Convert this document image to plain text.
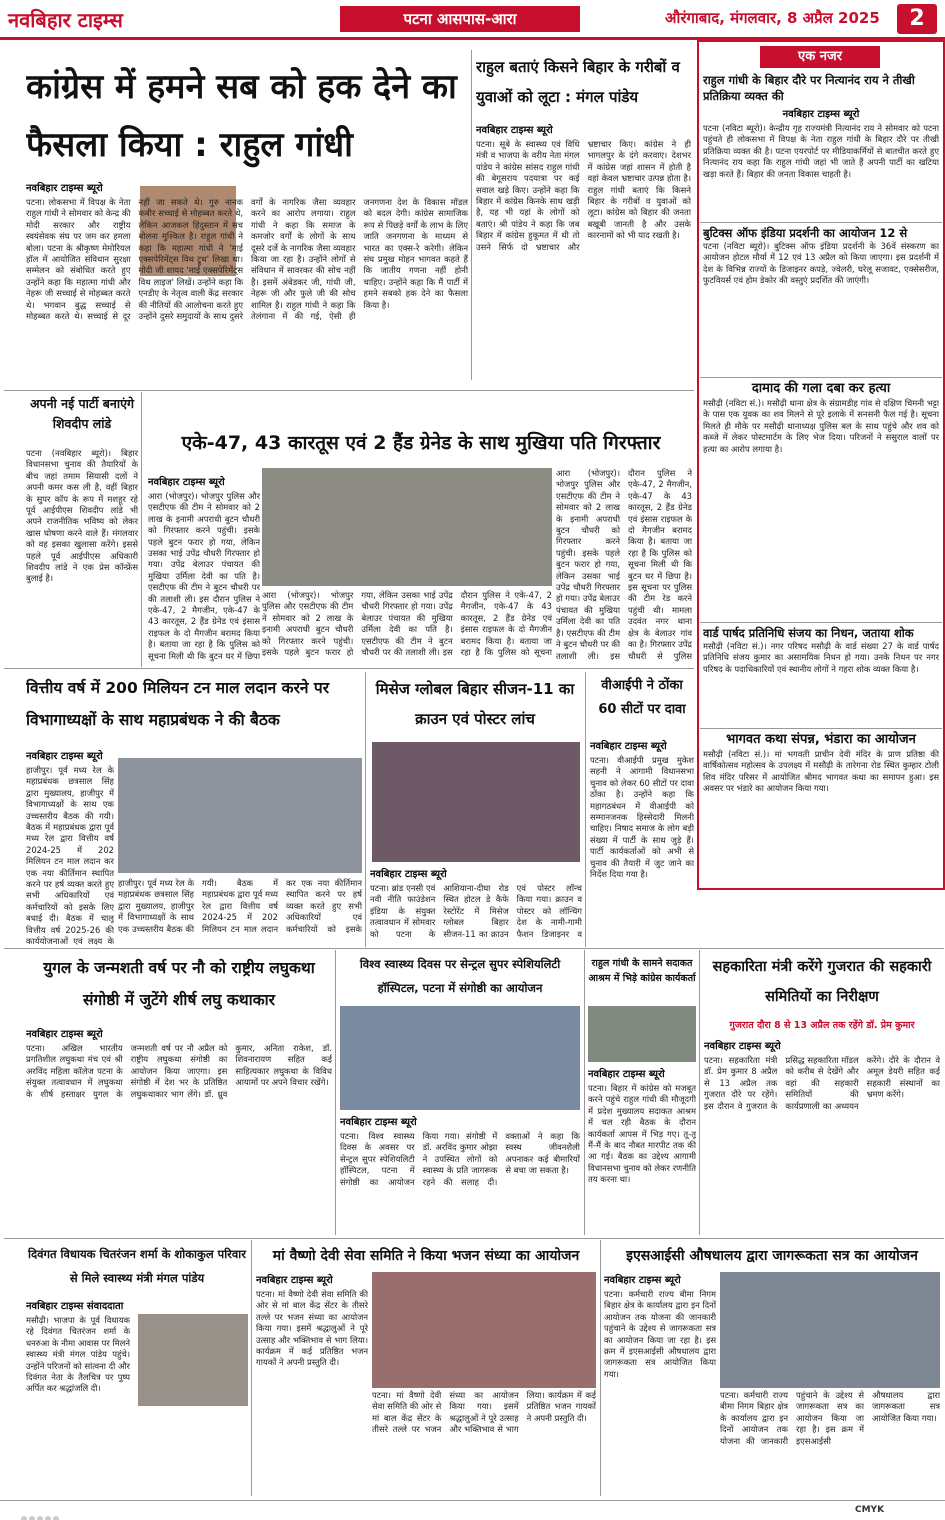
नवबिहार टाइम्स	पटना आसपास-आरा	औरंगाबाद, मंगलवार, 8 अप्रैल 2025	2
कांग्रेस में हमने सब को हक देने का फैसला किया : राहुल गांधी
नवबिहार टाइम्स ब्यूरो
पटना। लोकसभा में विपक्ष के नेता राहुल गांधी ने सोमवार को केन्द्र की मोदी सरकार और राष्ट्रीय स्वयंसेवक संघ पर जम कर हमला बोला। पटना के श्रीकृष्ण मेमोरियल हॉल में आयोजित संविधान सुरक्षा सम्मेलन को संबोधित करते हुए उन्होंने कहा कि महात्मा गांधी और नेहरू जी सच्चाई से मोहब्बत करते थे। भगवान बुद्ध सच्चाई से मोहब्बत करते थे। सच्चाई से दूर नहीं जा सकते थे। गुरु नानक कबीर सच्चाई से मोहब्बत करते थे, लेकिन आजकल हिंदुस्तान में सच बोलना मुश्किल है। राहुल गांधी ने कहा कि महात्मा गांधी ने 'माई एक्सपेरिमेंट्स विथ ट्रूथ' लिखा था। मोदी जी शायद 'माई एक्सपेरिमेंट्स विथ लाइज' लिखें। उन्होंने कहा कि एनडीए के नेतृत्व वाली केंद्र सरकार की नीतियों की आलोचना करते हुए उन्होंने दुसरे समुदायों के साथ दुसरे वर्गों के नागरिक जैसा व्यवहार करने का आरोप लगाया। राहुल गांधी ने कहा कि समाज के कमजोर वर्गों के लोगों के साथ दूसरे दर्जे के नागरिक जैसा व्यवहार किया जा रहा है। उन्होंने लोगों से संविधान में सावरकर की सोच नहीं है। इसमें अंबेडकर जी, गांधी जी, नेहरू जी और फुले जी की सोच शामिल है। राहुल गांधी ने कहा कि तेलंगाना में की गई, ऐसी ही जनगणना देश के विकास मॉडल को बदल देगी। कांग्रेस सामाजिक रूप से पिछड़े वर्गों के लाभ के लिए जाति जनगणना के माध्यम से भारत का एक्स-रे करेगी। लेकिन संघ प्रमुख मोहन भागवत कहते हैं कि जातीय गणना नहीं होनी चाहिए। उन्होंने कहा कि मैं पार्टी में हमने सबको हक देने का फैसला किया है।
राहुल बताएं किसने बिहार के गरीबों व युवाओं को लूटा : मंगल पांडेय
नवबिहार टाइम्स ब्यूरो
पटना। सूबे के स्वास्थ्य एवं विधि मंत्री व भाजपा के वरीय नेता मंगल पांडेय ने कांग्रेस सांसद राहुल गांधी की बेगूसराय पदयात्रा पर कई सवाल खड़े किए। उन्होंने कहा कि बिहार में कांग्रेस किनके साथ खड़ी है, यह भी यहां के लोगों को बताएं। श्री पांडेय ने कहा कि जब बिहार में कांग्रेस हुकूमत में थी तो उसने सिर्फ दो भ्रष्टाचार और भ्रष्टाचार किए। कांग्रेस ने ही भागलपुर के दंगे करवाए। देशभर में कांग्रेस जहां शासन में होती है वहां केवल भ्रष्टाचार उत्पन्न होता है। राहुल गांधी बताएं कि किसने बिहार के गरीबों व युवाओं को लूटा। कांग्रेस को बिहार की जनता बखूबी जानती है और उसके कारनामों को भी याद रखती है।
एक नजर
राहुल गांधी के बिहार दौरे पर नित्यानंद राय ने तीखी प्रतिक्रिया व्यक्त की
नवबिहार टाइम्स ब्यूरो
पटना (नविटा ब्यूरो)। केन्द्रीय गृह राज्यमंत्री नित्यानंद राय ने सोमवार को पटना पहुंचते ही लोकसभा में विपक्ष के नेता राहुल गांधी के बिहार दौरे पर तीखी प्रतिक्रिया व्यक्त की है। पटना एयरपोर्ट पर मीडियाकर्मियों से बातचीत करते हुए नित्यानंद राय कहा कि राहुल गांधी जहां भी जाते हैं अपनी पार्टी का खटिया खड़ा करते हैं। बिहार की जनता विकास चाहती है।
बुटिक्स ऑफ इंडिया प्रदर्शनी का आयोजन 12 से
पटना (नविटा ब्यूरो)। बुटिक्स ऑफ इंडिया प्रदर्शनी के 36वें संस्करण का आयोजन होटल मौर्या में 12 एवं 13 अप्रैल को किया जाएगा। इस प्रदर्शनी में देश के विभिन्न राज्यों के डिजाइनर कपड़े, ज्वेलरी, घरेलू सजावट, एक्सेसरीज, फुटवियर्स एवं होम डेकोर की वस्तुएं प्रदर्शित की जाएंगी।
दामाद की गला दबा कर हत्या
मसौढ़ी (नविटा सं.)। मसौढ़ी थाना क्षेत्र के संग्रामडीह गांव से दक्षिण चिमनी भट्टा के पास एक युवक का शव मिलने से पूरे इलाके में सनसनी फैल गई है। सूचना मिलते ही मौके पर मसौढ़ी थानाध्यक्ष पुलिस बल के साथ पहुंचे और शव को कब्जे में लेकर पोस्टमार्टम के लिए भेज दिया। परिजनों ने ससुराल वालों पर हत्या का आरोप लगाया है।
वार्ड पार्षद प्रतिनिधि संजय का निधन, जताया शोक
मसौढ़ी (नविटा सं.)। नगर परिषद मसौढ़ी के वार्ड संख्या 27 के वार्ड पार्षद प्रतिनिधि संजय कुमार का असामयिक निधन हो गया। उनके निधन पर नगर परिषद के पदाधिकारियों एवं स्थानीय लोगों ने गहरा शोक व्यक्त किया है।
भागवत कथा संपन्न, भंडारा का आयोजन
मसौढ़ी (नविटा सं.)। मां भगवती प्राचीन देवी मंदिर के प्राण प्रतिष्ठा की वार्षिकोत्सव महोत्सव के उपलक्ष्य में मसौढ़ी के तारेगना रोड स्थित कुम्हार टोली शिव मंदिर परिसर में आयोजित श्रीमद भागवत कथा का समापन हुआ। इस अवसर पर भंडारे का आयोजन किया गया।
अपनी नई पार्टी बनाएंगे शिवदीप लांडे
पटना (नवबिहार ब्यूरो)। बिहार विधानसभा चुनाव की तैयारियों के बीच जहां तमाम सियासी दलों ने अपनी कमर कस ली है, वहीं बिहार के सुपर कॉप के रूप में मशहूर रहे पूर्व आईपीएस शिवदीप लांडे भी अपने राजनीतिक भविष्य को लेकर खास घोषणा करने वाले हैं। मंगलवार को वह इसका खुलासा करेंगे। इससे पहले पूर्व आईपीएस अधिकारी शिवदीप लांडे ने एक प्रेस कॉन्फ्रेंस बुलाई है।
एके-47, 43 कारतूस एवं 2 हैंड ग्रेनेड के साथ मुखिया पति गिरफ्तार
नवबिहार टाइम्स ब्यूरो
आरा (भोजपुर)। भोजपुर पुलिस और एसटीएफ की टीम ने सोमवार को 2 लाख के इनामी अपराधी बुटन चौधरी को गिरफ्तार करने पहुंची। इसके पहले बुटन फरार हो गया, लेकिन उसका भाई उपेंद्र चौधरी गिरफ्तार हो गया। उपेंद्र बेलाउर पंचायत की मुखिया उर्मिला देवी का पति है। एसटीएफ की टीम ने बुटन चौधरी पर की तलाशी ली। इस दौरान पुलिस ने एके-47, 2 मैगजीन, एके-47 के 43 कारतूस, 2 हैंड ग्रेनेड एवं इंसास राइफल के दो मैगजीन बरामद किया है। बताया जा रहा है कि पुलिस को सूचना मिली थी कि बुटन घर में छिपा
आरा (भोजपुर)। भोजपुर पुलिस और एसटीएफ की टीम ने सोमवार को 2 लाख के इनामी अपराधी बुटन चौधरी को गिरफ्तार करने पहुंची। इसके पहले बुटन फरार हो गया, लेकिन उसका भाई उपेंद्र चौधरी गिरफ्तार हो गया। उपेंद्र बेलाउर पंचायत की मुखिया उर्मिला देवी का पति है। एसटीएफ की टीम ने बुटन चौधरी पर की तलाशी ली। इस दौरान पुलिस ने एके-47, 2 मैगजीन, एके-47 के 43 कारतूस, 2 हैंड ग्रेनेड एवं इंसास राइफल के दो मैगजीन बरामद किया है। बताया जा रहा है कि पुलिस को सूचना
आरा (भोजपुर)। भोजपुर पुलिस और एसटीएफ की टीम ने सोमवार को 2 लाख के इनामी अपराधी बुटन चौधरी को गिरफ्तार करने पहुंची। इसके पहले बुटन फरार हो गया, लेकिन उसका भाई उपेंद्र चौधरी गिरफ्तार हो गया। उपेंद्र बेलाउर पंचायत की मुखिया उर्मिला देवी का पति है। एसटीएफ की टीम ने बुटन चौधरी पर की तलाशी ली। इस दौरान पुलिस ने एके-47, 2 मैगजीन, एके-47 के 43 कारतूस, 2 हैंड ग्रेनेड एवं इंसास राइफल के दो मैगजीन बरामद किया है। बताया जा रहा है कि पुलिस को सूचना मिली थी कि बुटन घर में छिपा है। इस सूचना पर पुलिस की टीम रेड करने पहुंची थी। मामला उदवंत नगर थाना क्षेत्र के बेलाउर गांव का है। गिरफ्तार उपेंद्र चौधरी से पुलिस
वित्तीय वर्ष में 200 मिलियन टन माल लदान करने पर विभागाध्यक्षों के साथ महाप्रबंधक ने की बैठक
नवबिहार टाइम्स ब्यूरो
हाजीपुर। पूर्व मध्य रेल के महाप्रबंधक छत्रसाल सिंह द्वारा मुख्यालय, हाजीपुर में विभागाध्यक्षों के साथ एक उच्चस्तरीय बैठक की गयी। बैठक में महाप्रबंधक द्वारा पूर्व मध्य रेल द्वारा वित्तीय वर्ष 2024-25 में 202 मिलियन टन माल लदान कर एक नया कीर्तिमान स्थापित करने पर हर्ष व्यक्त करते हुए सभी अधिकारियों एवं कर्मचारियों को इसके लिए बधाई दी। बैठक में चालू वित्तीय वर्ष 2025-26 की कार्ययोजनाओं एवं लक्ष्य के
हाजीपुर। पूर्व मध्य रेल के महाप्रबंधक छत्रसाल सिंह द्वारा मुख्यालय, हाजीपुर में विभागाध्यक्षों के साथ एक उच्चस्तरीय बैठक की गयी। बैठक में महाप्रबंधक द्वारा पूर्व मध्य रेल द्वारा वित्तीय वर्ष 2024-25 में 202 मिलियन टन माल लदान कर एक नया कीर्तिमान स्थापित करने पर हर्ष व्यक्त करते हुए सभी अधिकारियों एवं कर्मचारियों को इसके
मिसेज ग्लोबल बिहार सीजन-11 का क्राउन एवं पोस्टर लांच
नवबिहार टाइम्स ब्यूरो
पटना। ब्रांड एनसी एवं नवी नीति फाउंडेशन इंडिया के संयुक्त तत्वावधान में सोमवार को पटना के आशियाना-दीघा रोड स्थित होटल डे कैफे रेस्टोरेंट में मिसेज ग्लोबल बिहार सीजन-11 का क्राउन एवं पोस्टर लॉन्च किया गया। क्राउन व पोस्टर को लॉन्चिंग देश के नामी-गामी फैशन डिजाइनर व
वीआईपी ने ठोंका 60 सीटों पर दावा
नवबिहार टाइम्स ब्यूरो
पटना। वीआईपी प्रमुख मुकेश सहनी ने आगामी विधानसभा चुनाव को लेकर 60 सीटों पर दावा ठोंका है। उन्होंने कहा कि महागठबंधन में वीआईपी को सम्मानजनक हिस्सेदारी मिलनी चाहिए। निषाद समाज के लोग बड़ी संख्या में पार्टी के साथ जुड़े हैं। पार्टी कार्यकर्ताओं को अभी से चुनाव की तैयारी में जुट जाने का निर्देश दिया गया है।
युगल के जन्मशती वर्ष पर नौ को राष्ट्रीय लघुकथा संगोष्ठी में जुटेंगे शीर्ष लघु कथाकार
नवबिहार टाइम्स ब्यूरो
पटना। अखिल भारतीय प्रगतिशील लघुकथा मंच एवं श्री अरविंद महिला कॉलेज पटना के संयुक्त तत्वावधान में लघुकथा के शीर्ष हस्ताक्षर युगल के जन्मशती वर्ष पर नौ अप्रैल को राष्ट्रीय लघुकथा संगोष्ठी का आयोजन किया जाएगा। इस संगोष्ठी में देश भर के प्रतिष्ठित लघुकथाकार भाग लेंगे। डॉ. ध्रुव कुमार, अनिता राकेश, डॉ. शिवनारायण सहित कई साहित्यकार लघुकथा के विविध आयामों पर अपने विचार रखेंगे।
विश्व स्वास्थ्य दिवस पर सेन्ट्रल सुपर स्पेशियलिटी हॉस्पिटल, पटना में संगोष्ठी का आयोजन
नवबिहार टाइम्स ब्यूरो
पटना। विश्व स्वास्थ्य दिवस के अवसर पर सेन्ट्रल सुपर स्पेशियलिटी हॉस्पिटल, पटना में संगोष्ठी का आयोजन किया गया। संगोष्ठी में डॉ. अरविंद कुमार ओझा ने उपस्थित लोगों को स्वास्थ्य के प्रति जागरूक रहने की सलाह दी। वक्ताओं ने कहा कि स्वस्थ जीवनशैली अपनाकर कई बीमारियों से बचा जा सकता है।
राहुल गांधी के सामने सदाकत आश्रम में भिड़े कांग्रेस कार्यकर्ता
नवबिहार टाइम्स ब्यूरो
पटना। बिहार में कांग्रेस को मजबूत करने पहुंचे राहुल गांधी की मौजूदगी में प्रदेश मुख्यालय सदाकत आश्रम में चल रही बैठक के दौरान कार्यकर्ता आपस में भिड़ गए। तू-तू मैं-मैं के बाद नौबत मारपीट तक की आ गई। बैठक का उद्देश्य आगामी विधानसभा चुनाव को लेकर रणनीति तय करना था।
सहकारिता मंत्री करेंगे गुजरात की सहकारी समितियों का निरीक्षण
गुजरात दौरा 8 से 13 अप्रैल तक रहेंगे डॉ. प्रेम कुमार
नवबिहार टाइम्स ब्यूरो
पटना। सहकारिता मंत्री डॉ. प्रेम कुमार 8 अप्रैल से 13 अप्रैल तक गुजरात दौरे पर रहेंगे। इस दौरान वे गुजरात के प्रसिद्ध सहकारिता मॉडल को करीब से देखेंगे और वहां की सहकारी समितियों की कार्यप्रणाली का अध्ययन करेंगे। दौरे के दौरान वे अमूल डेयरी सहित कई सहकारी संस्थानों का भ्रमण करेंगे।
दिवंगत विधायक चितरंजन शर्मा के शोकाकुल परिवार से मिले स्वास्थ्य मंत्री मंगल पांडेय
नवबिहार टाइम्स संवाददाता
मसौढ़ी। भाजपा के पूर्व विधायक रहे दिवंगत चितरंजन शर्मा के धनरुआ के नीमा आवास पर मिलने स्वास्थ्य मंत्री मंगल पांडेय पहुंचे। उन्होंने परिजनों को सांत्वना दी और दिवंगत नेता के तैलचित्र पर पुष्प अर्पित कर श्रद्धांजलि दी।
मां वैष्णो देवी सेवा समिति ने किया भजन संध्या का आयोजन
नवबिहार टाइम्स ब्यूरो
पटना। मां वैष्णो देवी सेवा समिति की ओर से मां बाल केंद्र सेंटर के तीसरे तल्ले पर भजन संध्या का आयोजन किया गया। इसमें श्रद्धालुओं ने पूरे उत्साह और भक्तिभाव से भाग लिया। कार्यक्रम में कई प्रतिष्ठित भजन गायकों ने अपनी प्रस्तुति दी।
पटना। मां वैष्णो देवी सेवा समिति की ओर से मां बाल केंद्र सेंटर के तीसरे तल्ले पर भजन संध्या का आयोजन किया गया। इसमें श्रद्धालुओं ने पूरे उत्साह और भक्तिभाव से भाग लिया। कार्यक्रम में कई प्रतिष्ठित भजन गायकों ने अपनी प्रस्तुति दी।
इएसआईसी औषधालय द्वारा जागरूकता सत्र का आयोजन
नवबिहार टाइम्स ब्यूरो
पटना। कर्मचारी राज्य बीमा निगम बिहार क्षेत्र के कार्यालय द्वारा इन दिनों आयोजन तक योजना की जानकारी पहुंचाने के उद्देश्य से जागरूकता सत्र का आयोजन किया जा रहा है। इस क्रम में इएसआईसी औषधालय द्वारा जागरूकता सत्र आयोजित किया गया।
पटना। कर्मचारी राज्य बीमा निगम बिहार क्षेत्र के कार्यालय द्वारा इन दिनों आयोजन तक योजना की जानकारी पहुंचाने के उद्देश्य से जागरूकता सत्र का आयोजन किया जा रहा है। इस क्रम में इएसआईसी औषधालय द्वारा जागरूकता सत्र आयोजित किया गया।
CMYK
